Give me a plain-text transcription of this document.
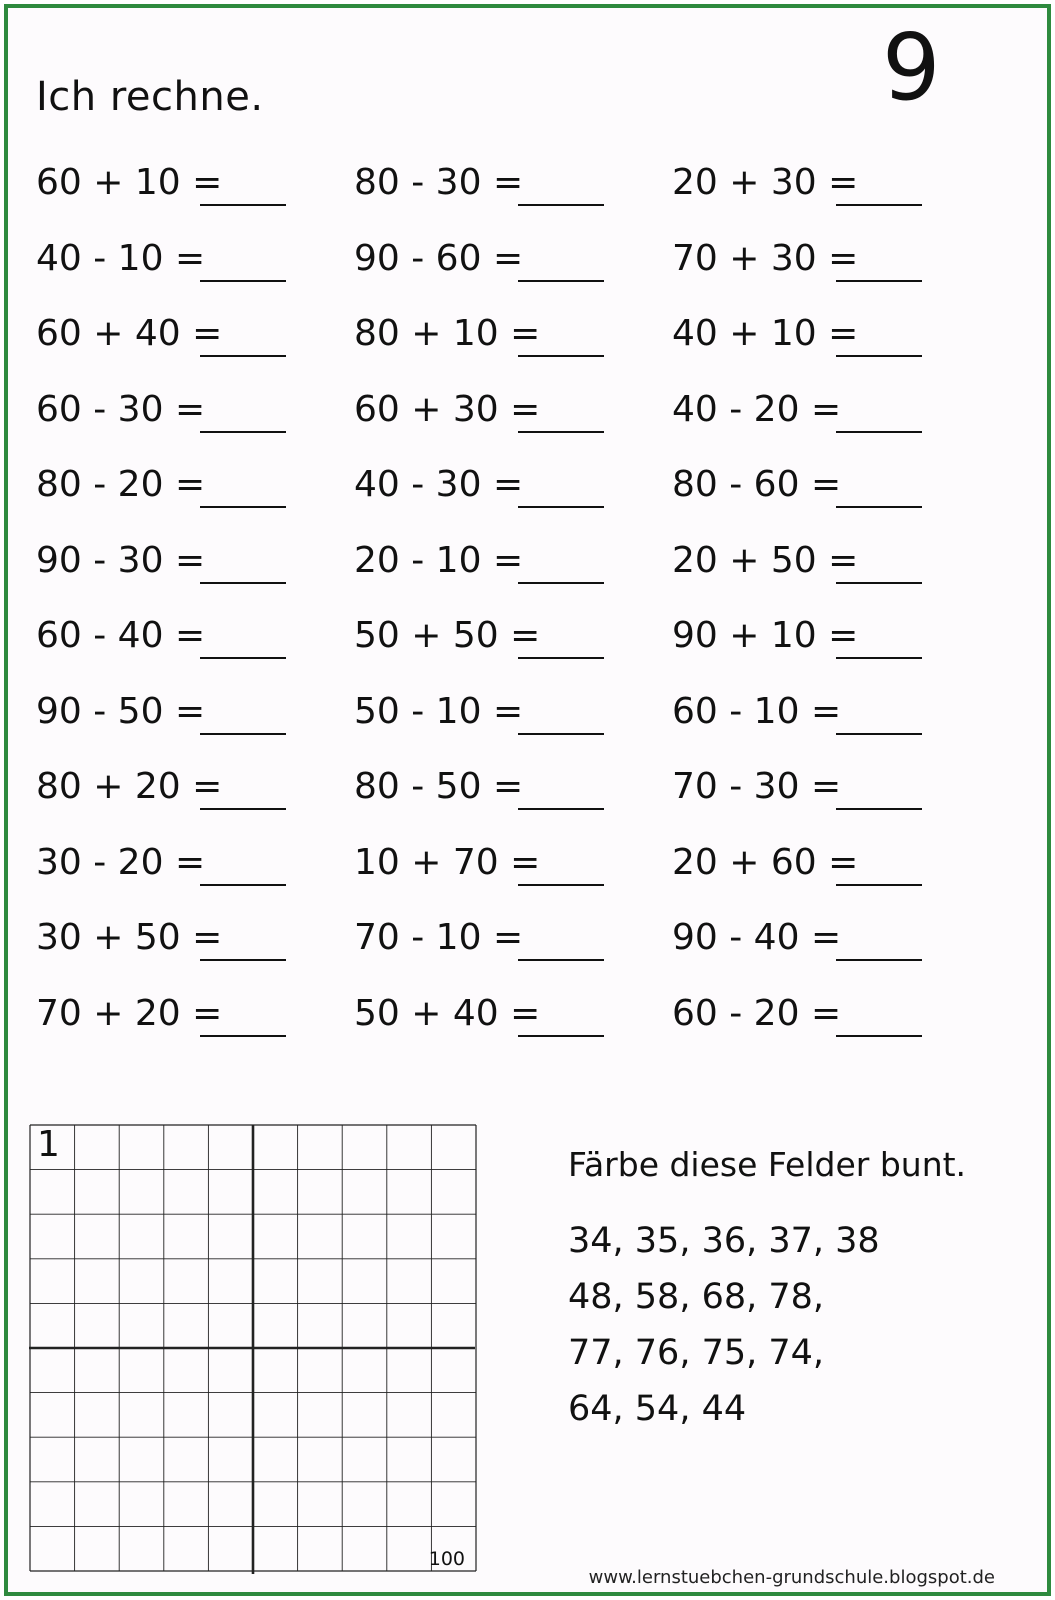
Ich rechne.	9
60 + 10 =	80 - 30 =	20 + 30 =
40 - 10 =	90 - 60 =	70 + 30 =
60 + 40 =	80 + 10 =	40 + 10 =
60 - 30 =	60 + 30 =	40 - 20 =
80 - 20 =	40 - 30 =	80 - 60 =
90 - 30 =	20 - 10 =	20 + 50 =
60 - 40 =	50 + 50 =	90 + 10 =
90 - 50 =	50 - 10 =	60 - 10 =
80 + 20 =	80 - 50 =	70 - 30 =
30 - 20 =	10 + 70 =	20 + 60 =
30 + 50 =	70 - 10 =	90 - 40 =
70 + 20 =	50 + 40 =	60 - 20 =
1
100
Färbe diese Felder bunt.
34, 35, 36, 37, 38
48, 58, 68, 78,
77, 76, 75, 74,
64, 54, 44
www.lernstuebchen-grundschule.blogspot.de
